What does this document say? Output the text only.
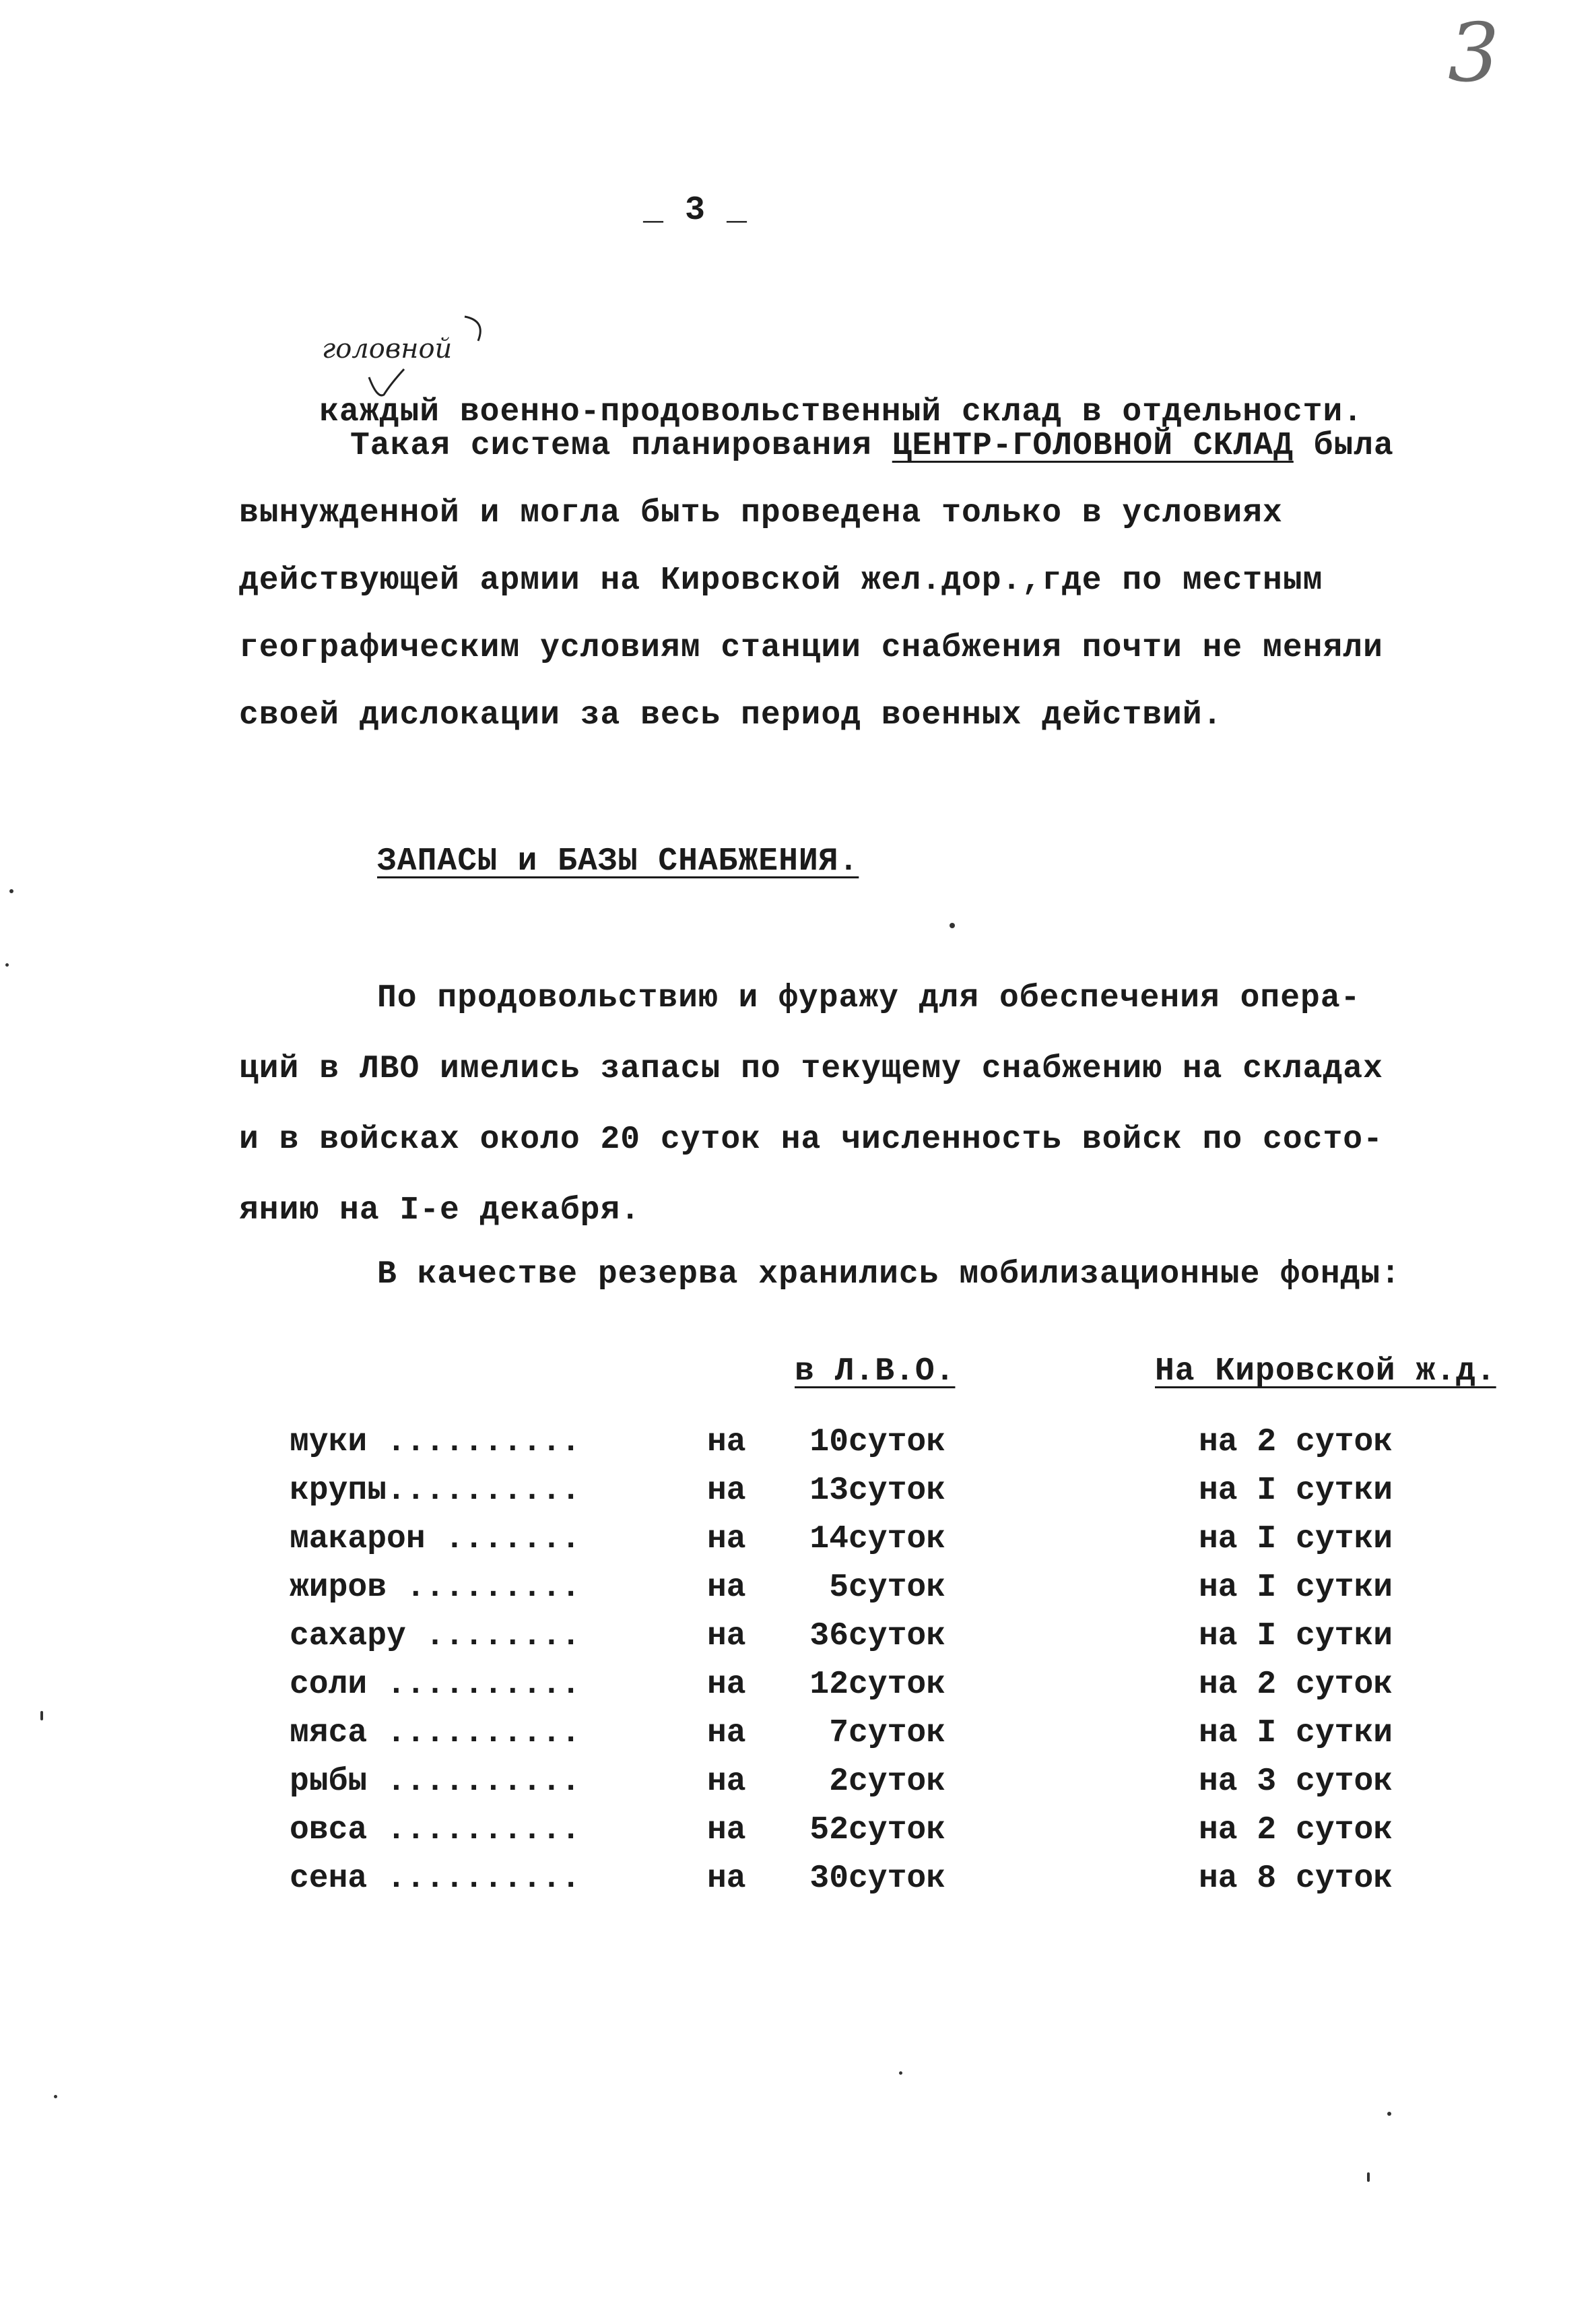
3
_ 3 _
головной

каждый военно-продовольственный склад в отдельности.

Такая система планирования ЦЕНТР-ГОЛОВНОЙ СКЛАД была
вынужденной и могла быть проведена только в условиях
действующей армии на Кировской жел.дор.,где по местным
географическим условиям станции снабжения почти не меняли
своей дислокации за весь период военных действий.
ЗАПАСЫ и БАЗЫ СНАБЖЕНИЯ.
По продовольствию и фуражу для обеспечения опера-
ций в ЛВО имелись запасы по текущему снабжению на складах
и в войсках около 20 суток на численность войск по состо-
янию на I-е декабря.
В качестве резерва хранились мобилизационные фонды:
в Л.В.О.	На Кировской ж.д.
муки ..........	на	10	суток	на 2 суток
крупы..........	на	13	суток	на I сутки
макарон .......	на	14	суток	на I сутки
жиров .........	на	5	суток	на I сутки
сахару ........	на	36	суток	на I сутки
соли ..........	на	12	суток	на 2 суток
мяса ..........	на	7	суток	на I сутки
рыбы ..........	на	2	суток	на 3 суток
овса ..........	на	52	суток	на 2 суток
сена ..........	на	30	суток	на 8 суток
